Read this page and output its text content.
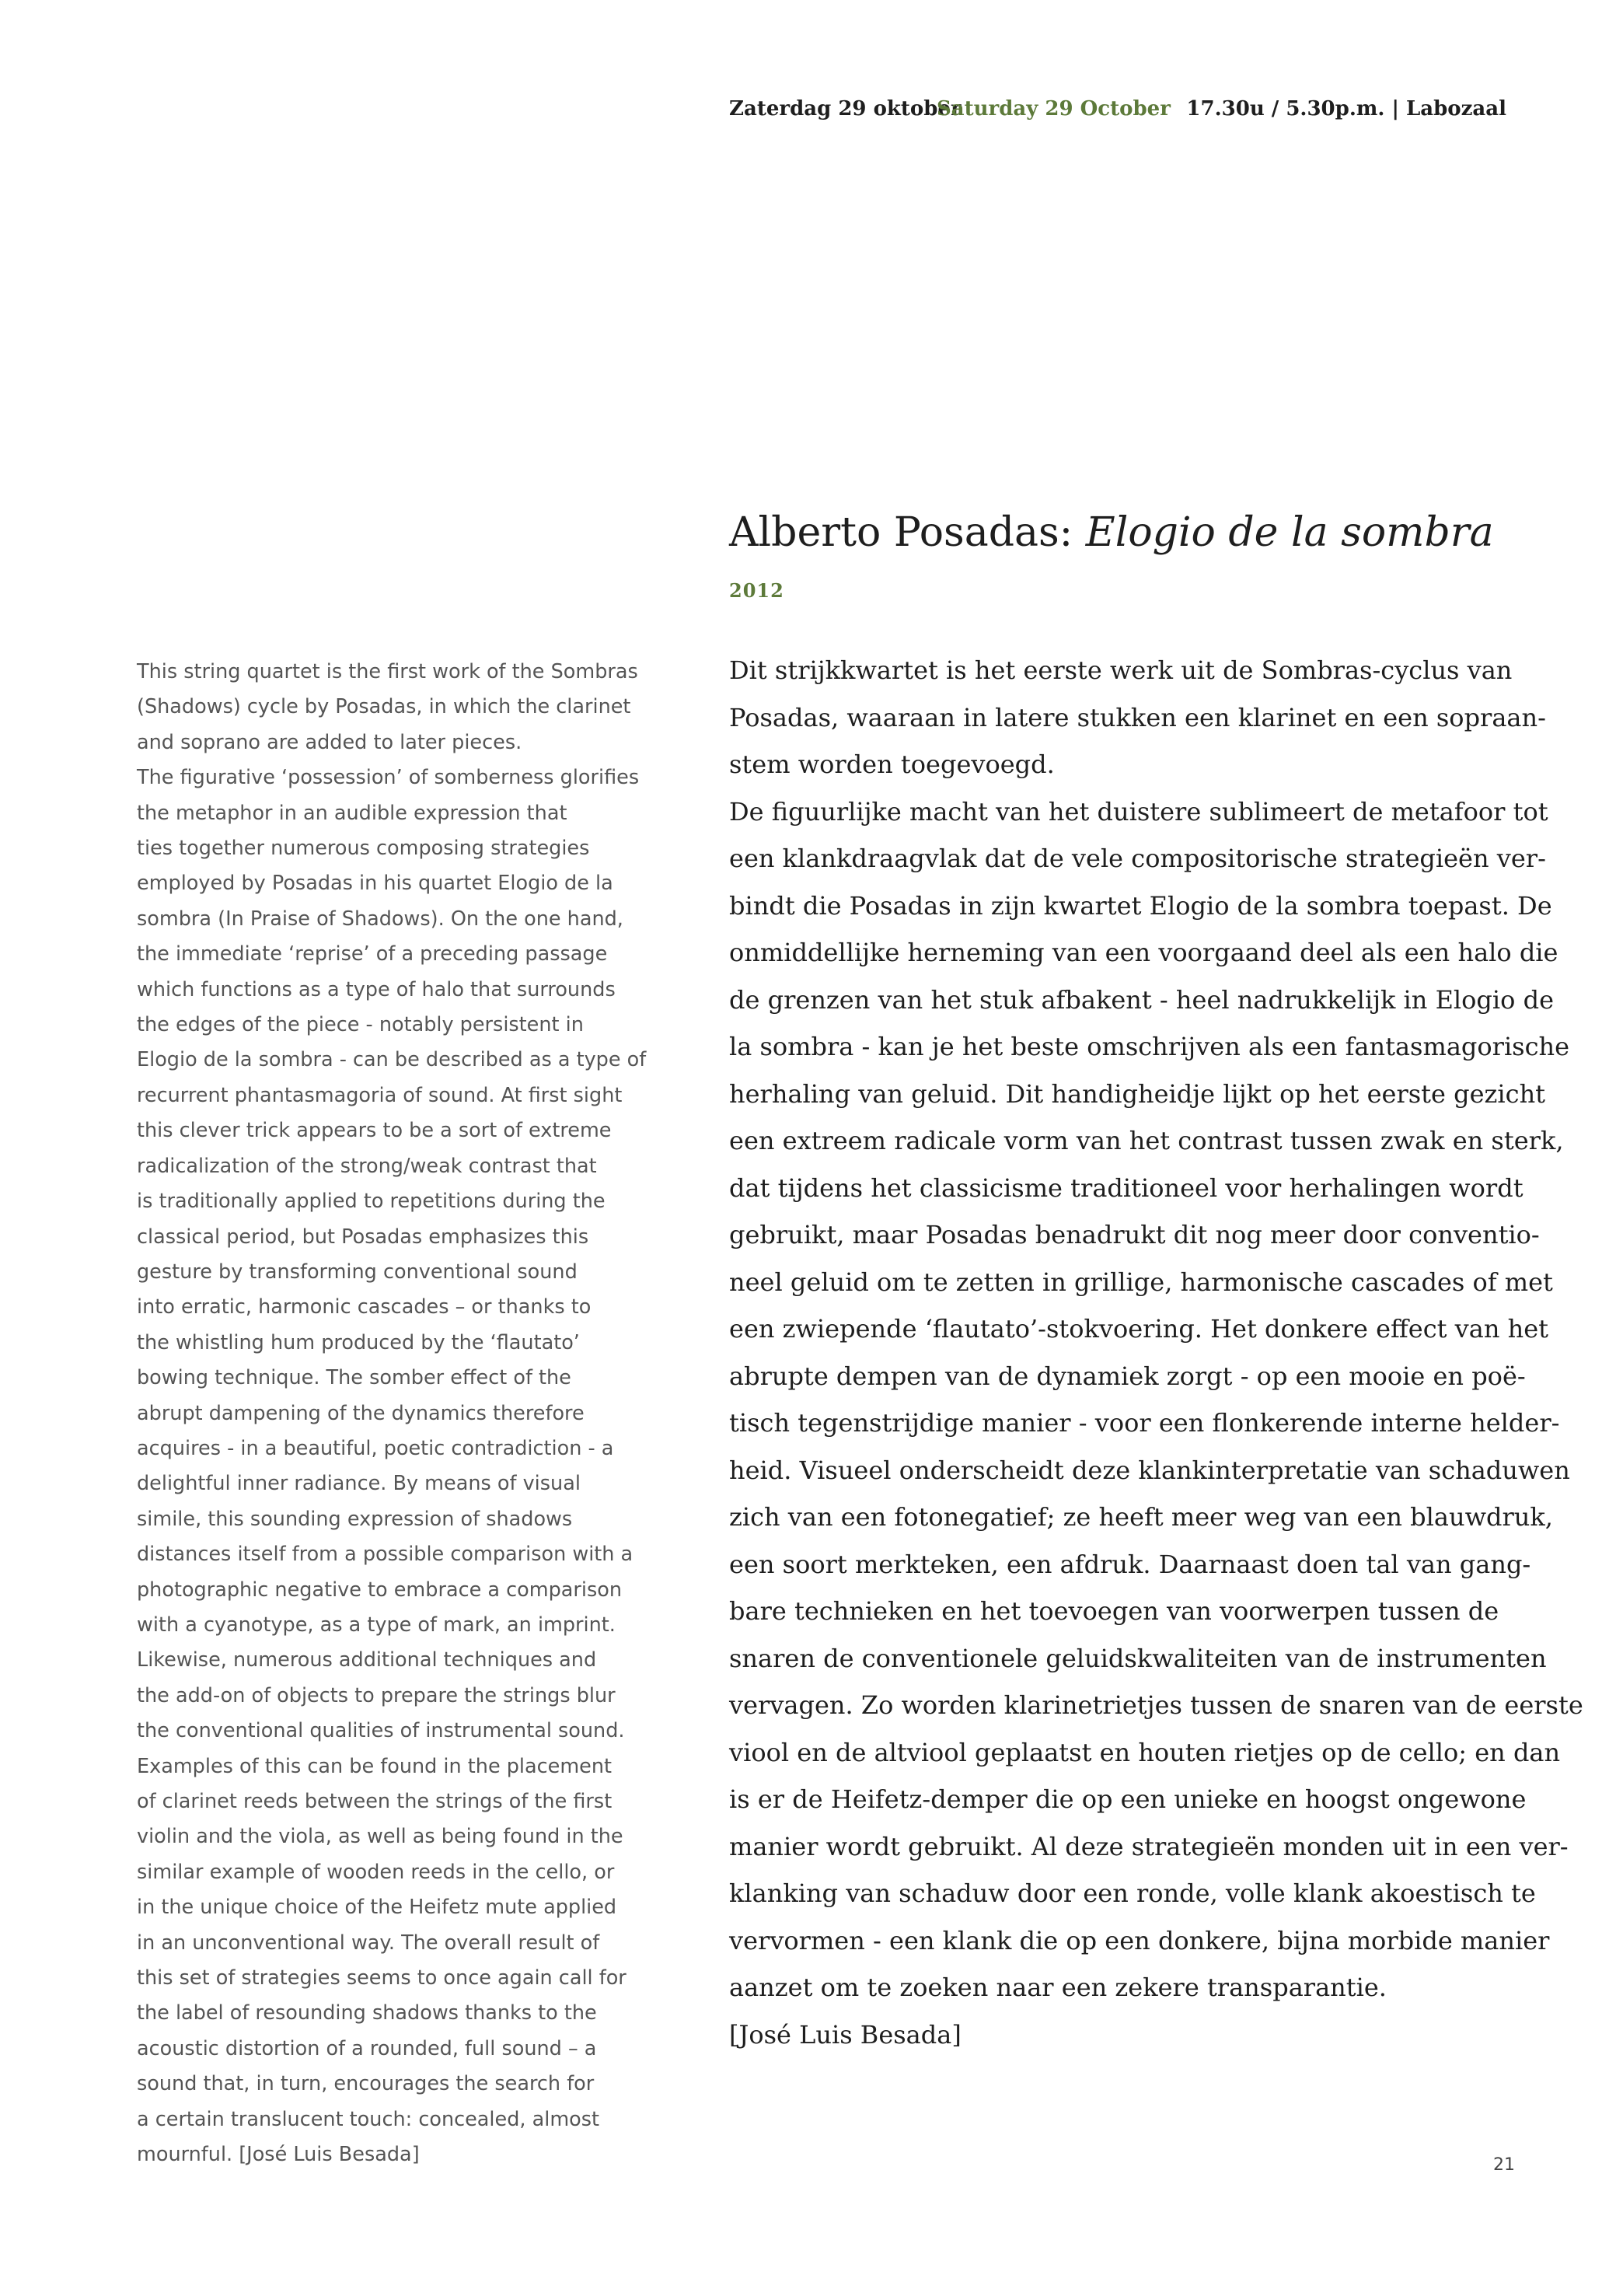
Zaterdag 29 oktober
Saturday 29 October 17.30u / 5.30p.m. | Labozaal
Alberto Posadas: Elogio de la sombra
2012

This string quartet is the first work of the Sombras
(Shadows) cycle by Posadas, in which the clarinet
and soprano are added to later pieces.
The figurative ‘possession’ of somberness glorifies
the metaphor in an audible expression that
ties together numerous composing strategies
employed by Posadas in his quartet Elogio de la
sombra (In Praise of Shadows). On the one hand,
the immediate ‘reprise’ of a preceding passage
which functions as a type of halo that surrounds
the edges of the piece - notably persistent in
Elogio de la sombra - can be described as a type of
recurrent phantasmagoria of sound. At first sight
this clever trick appears to be a sort of extreme
radicalization of the strong/weak contrast that
is traditionally applied to repetitions during the
classical period, but Posadas emphasizes this
gesture by transforming conventional sound
into erratic, harmonic cascades – or thanks to
the whistling hum produced by the ‘flautato’
bowing technique. The somber effect of the
abrupt dampening of the dynamics therefore
acquires - in a beautiful, poetic contradiction - a
delightful inner radiance. By means of visual
simile, this sounding expression of shadows
distances itself from a possible comparison with a
photographic negative to embrace a comparison
with a cyanotype, as a type of mark, an imprint.
Likewise, numerous additional techniques and
the add-on of objects to prepare the strings blur
the conventional qualities of instrumental sound.
Examples of this can be found in the placement
of clarinet reeds between the strings of the first
violin and the viola, as well as being found in the
similar example of wooden reeds in the cello, or
in the unique choice of the Heifetz mute applied
in an unconventional way. The overall result of
this set of strategies seems to once again call for
the label of resounding shadows thanks to the
acoustic distortion of a rounded, full sound – a
sound that, in turn, encourages the search for
a certain translucent touch: concealed, almost
mournful. [José Luis Besada]

Dit strijkkwartet is het eerste werk uit de Sombras-cyclus van
Posadas, waaraan in latere stukken een klarinet en een sopraan-
stem worden toegevoegd.
De figuurlijke macht van het duistere sublimeert de metafoor tot
een klankdraagvlak dat de vele compositorische strategieën ver-
bindt die Posadas in zijn kwartet Elogio de la sombra toepast. De
onmiddellijke herneming van een voorgaand deel als een halo die
de grenzen van het stuk afbakent - heel nadrukkelijk in Elogio de
la sombra - kan je het beste omschrijven als een fantasmagorische
herhaling van geluid. Dit handigheidje lijkt op het eerste gezicht
een extreem radicale vorm van het contrast tussen zwak en sterk,
dat tijdens het classicisme traditioneel voor herhalingen wordt
gebruikt, maar Posadas benadrukt dit nog meer door conventio-
neel geluid om te zetten in grillige, harmonische cascades of met
een zwiepende ‘flautato’-stokvoering. Het donkere effect van het
abrupte dempen van de dynamiek zorgt - op een mooie en poë-
tisch tegenstrijdige manier - voor een flonkerende interne helder-
heid. Visueel onderscheidt deze klankinterpretatie van schaduwen
zich van een fotonegatief; ze heeft meer weg van een blauwdruk,
een soort merkteken, een afdruk. Daarnaast doen tal van gang-
bare technieken en het toevoegen van voorwerpen tussen de
snaren de conventionele geluidskwaliteiten van de instrumenten
vervagen. Zo worden klarinetrietjes tussen de snaren van de eerste
viool en de altviool geplaatst en houten rietjes op de cello; en dan
is er de Heifetz-demper die op een unieke en hoogst ongewone
manier wordt gebruikt. Al deze strategieën monden uit in een ver-
klanking van schaduw door een ronde, volle klank akoestisch te
vervormen - een klank die op een donkere, bijna morbide manier
aanzet om te zoeken naar een zekere transparantie.
[José Luis Besada]

21
